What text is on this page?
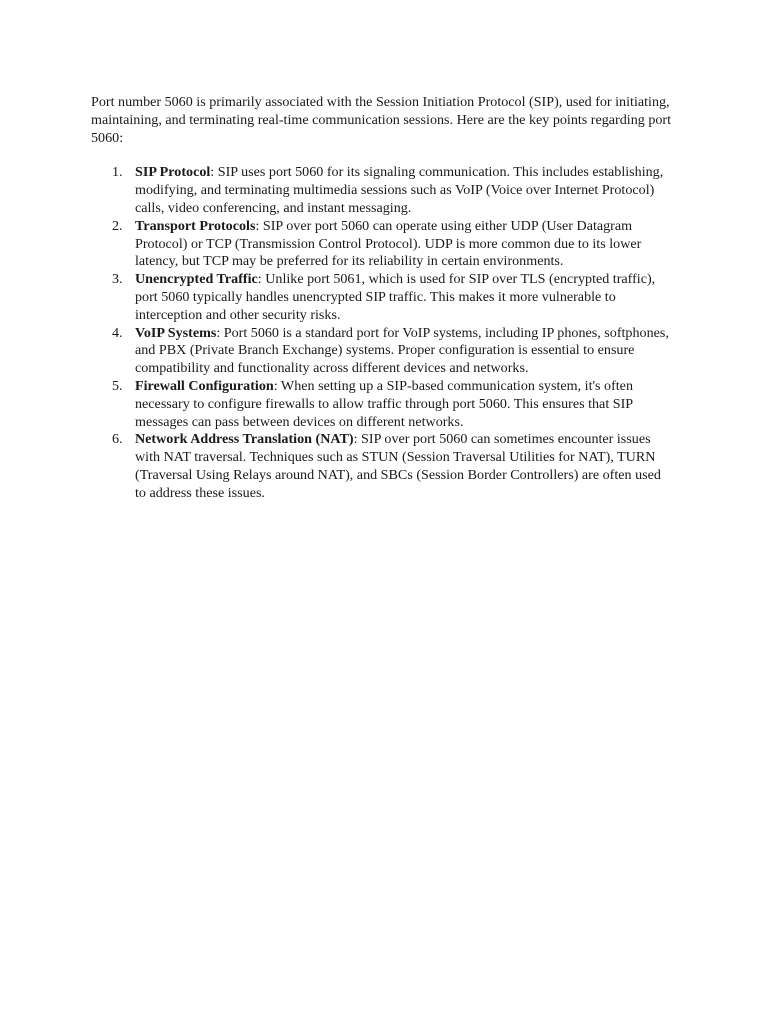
Port number 5060 is primarily associated with the Session Initiation Protocol (SIP), used for initiating, maintaining, and terminating real-time communication sessions. Here are the key points regarding port 5060:

1. SIP Protocol: SIP uses port 5060 for its signaling communication. This includes establishing, modifying, and terminating multimedia sessions such as VoIP (Voice over Internet Protocol) calls, video conferencing, and instant messaging.
2. Transport Protocols: SIP over port 5060 can operate using either UDP (User Datagram Protocol) or TCP (Transmission Control Protocol). UDP is more common due to its lower latency, but TCP may be preferred for its reliability in certain environments.
3. Unencrypted Traffic: Unlike port 5061, which is used for SIP over TLS (encrypted traffic), port 5060 typically handles unencrypted SIP traffic. This makes it more vulnerable to interception and other security risks.
4. VoIP Systems: Port 5060 is a standard port for VoIP systems, including IP phones, softphones, and PBX (Private Branch Exchange) systems. Proper configuration is essential to ensure compatibility and functionality across different devices and networks.
5. Firewall Configuration: When setting up a SIP-based communication system, it's often necessary to configure firewalls to allow traffic through port 5060. This ensures that SIP messages can pass between devices on different networks.
6. Network Address Translation (NAT): SIP over port 5060 can sometimes encounter issues with NAT traversal. Techniques such as STUN (Session Traversal Utilities for NAT), TURN (Traversal Using Relays around NAT), and SBCs (Session Border Controllers) are often used to address these issues.
